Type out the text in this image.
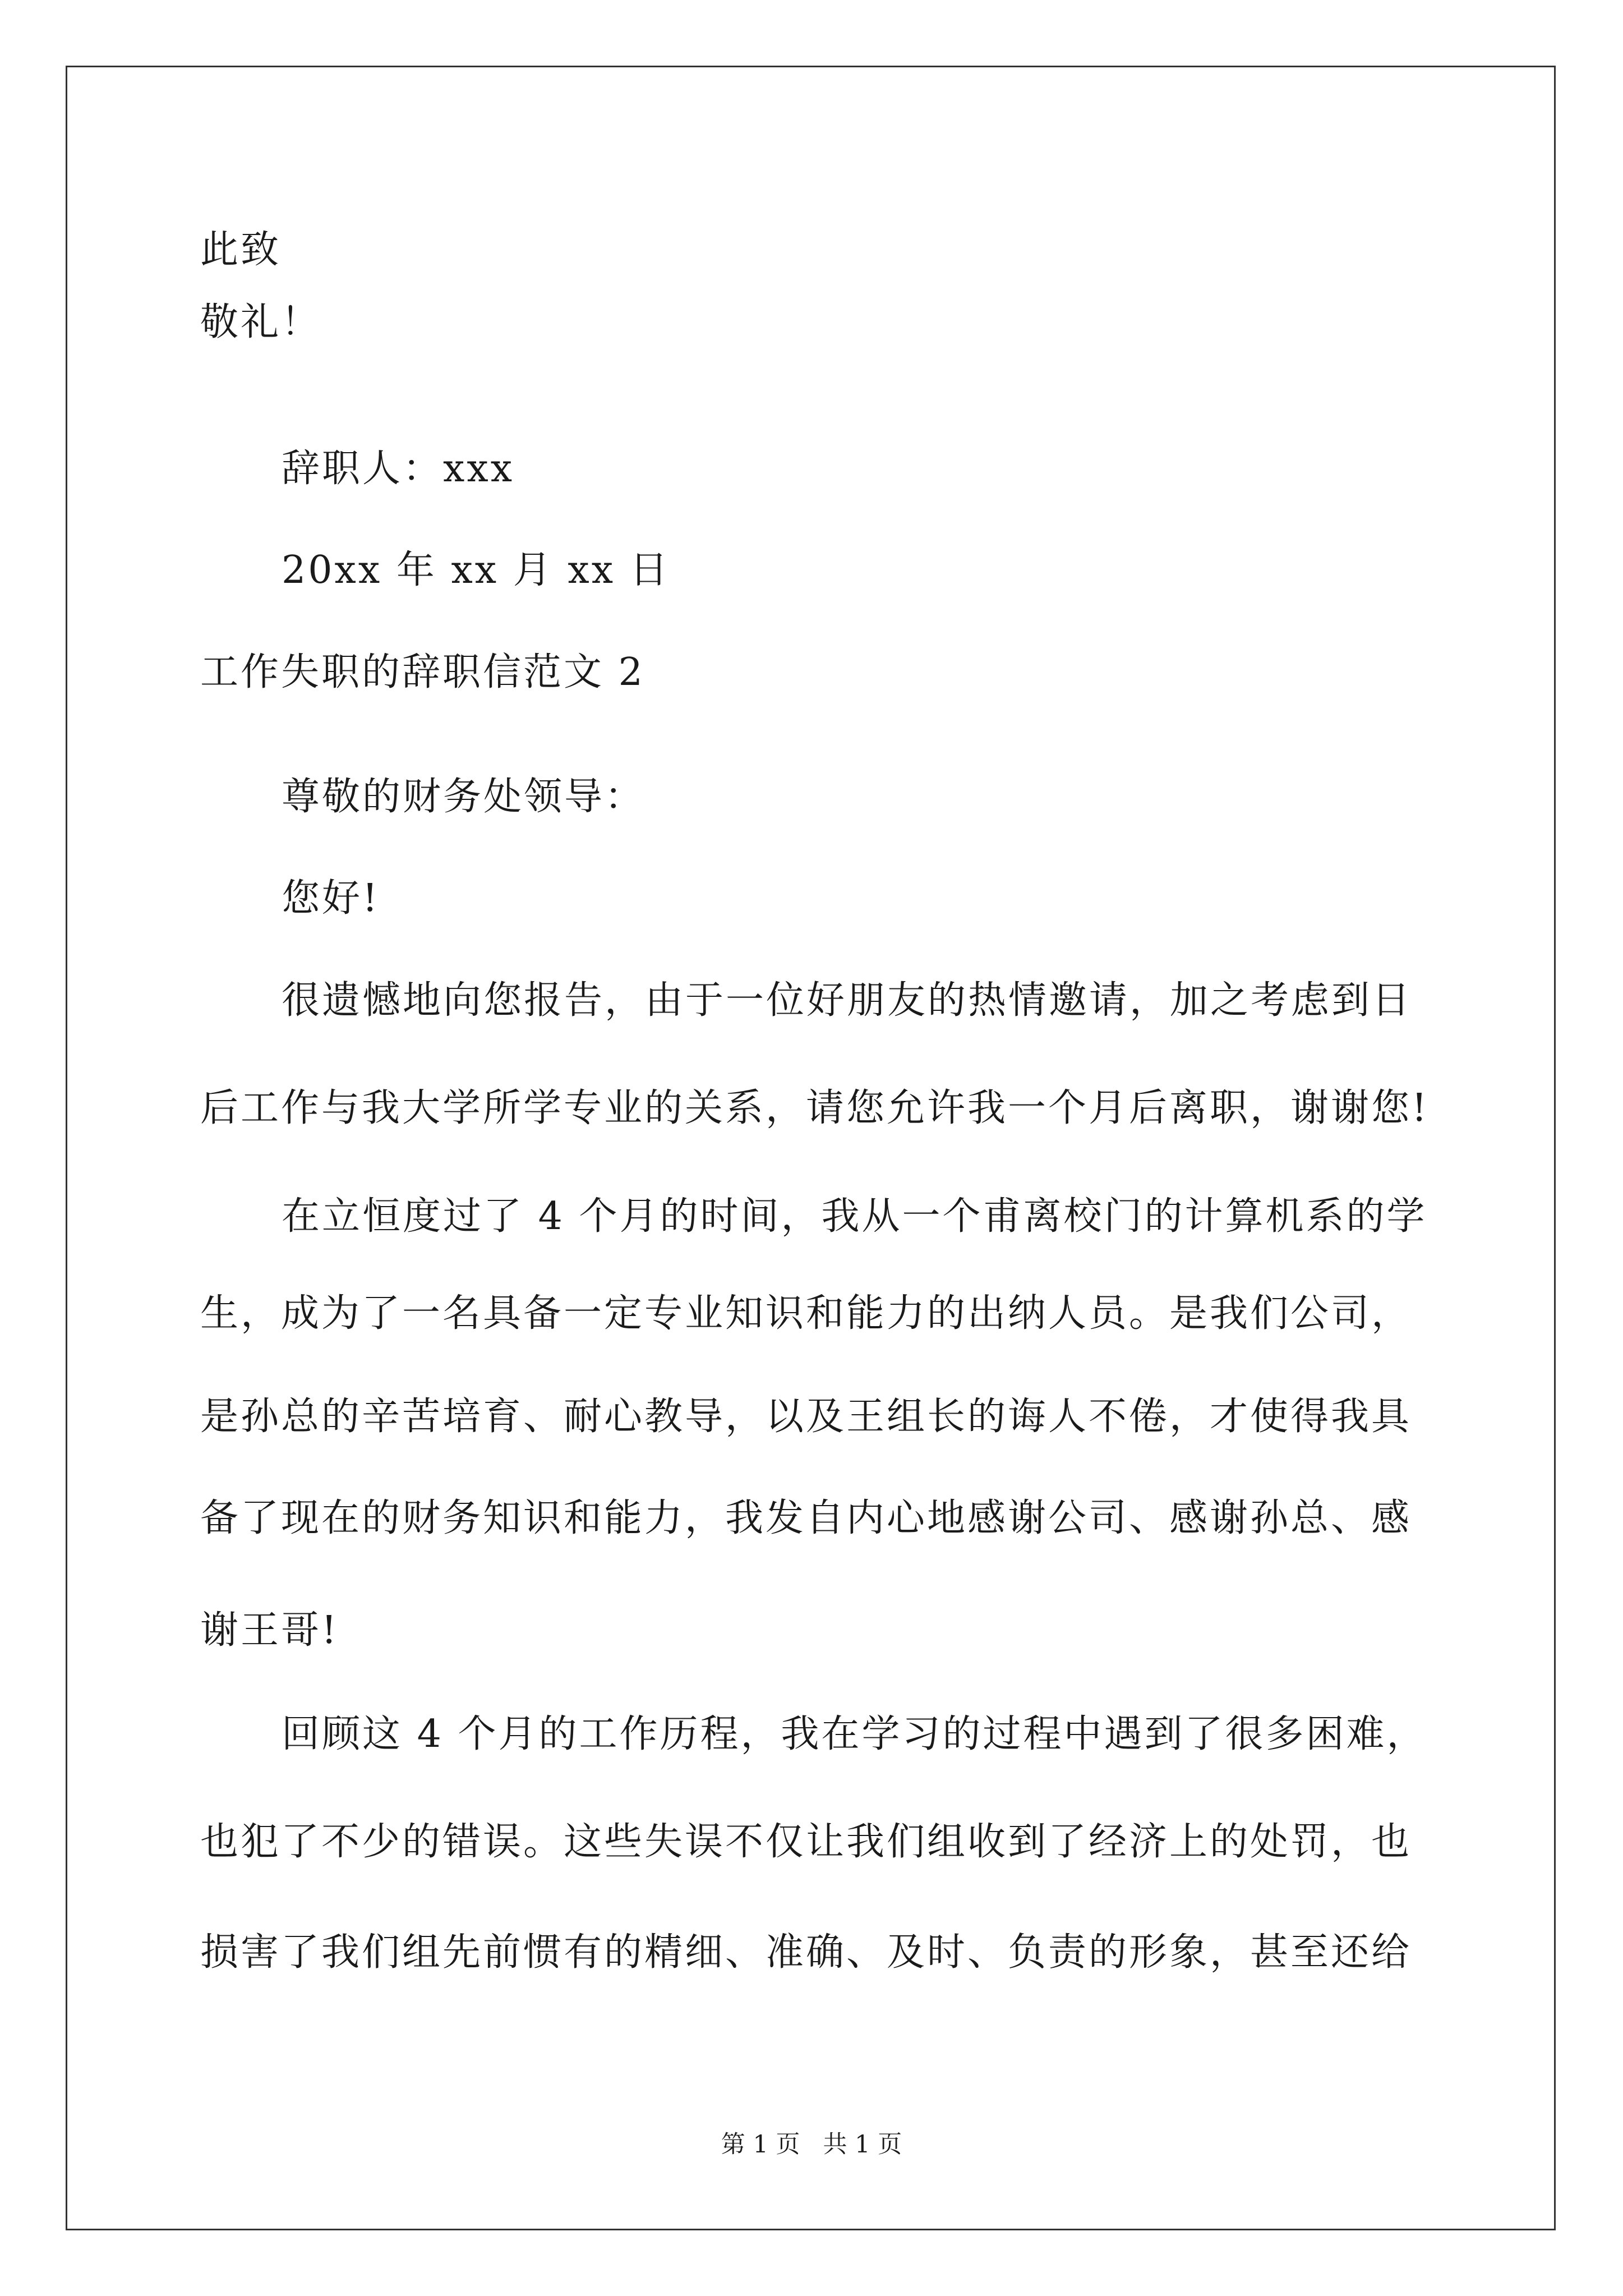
此致
敬礼！
辞职人：xxx
20xx 年 xx 月 xx 日
工作失职的辞职信范文 2
尊敬的财务处领导：
您好!
很遗憾地向您报告，由于一位好朋友的热情邀请，加之考虑到日
后工作与我大学所学专业的关系，请您允许我一个月后离职，谢谢您!
在立恒度过了 4 个月的时间，我从一个甫离校门的计算机系的学
生，成为了一名具备一定专业知识和能力的出纳人员。是我们公司，
是孙总的辛苦培育、耐心教导，以及王组长的诲人不倦，才使得我具
备了现在的财务知识和能力，我发自内心地感谢公司、感谢孙总、感
谢王哥!
回顾这 4 个月的工作历程，我在学习的过程中遇到了很多困难，
也犯了不少的错误。这些失误不仅让我们组收到了经济上的处罚，也
损害了我们组先前惯有的精细、准确、及时、负责的形象，甚至还给
第 1 页   共 1 页
